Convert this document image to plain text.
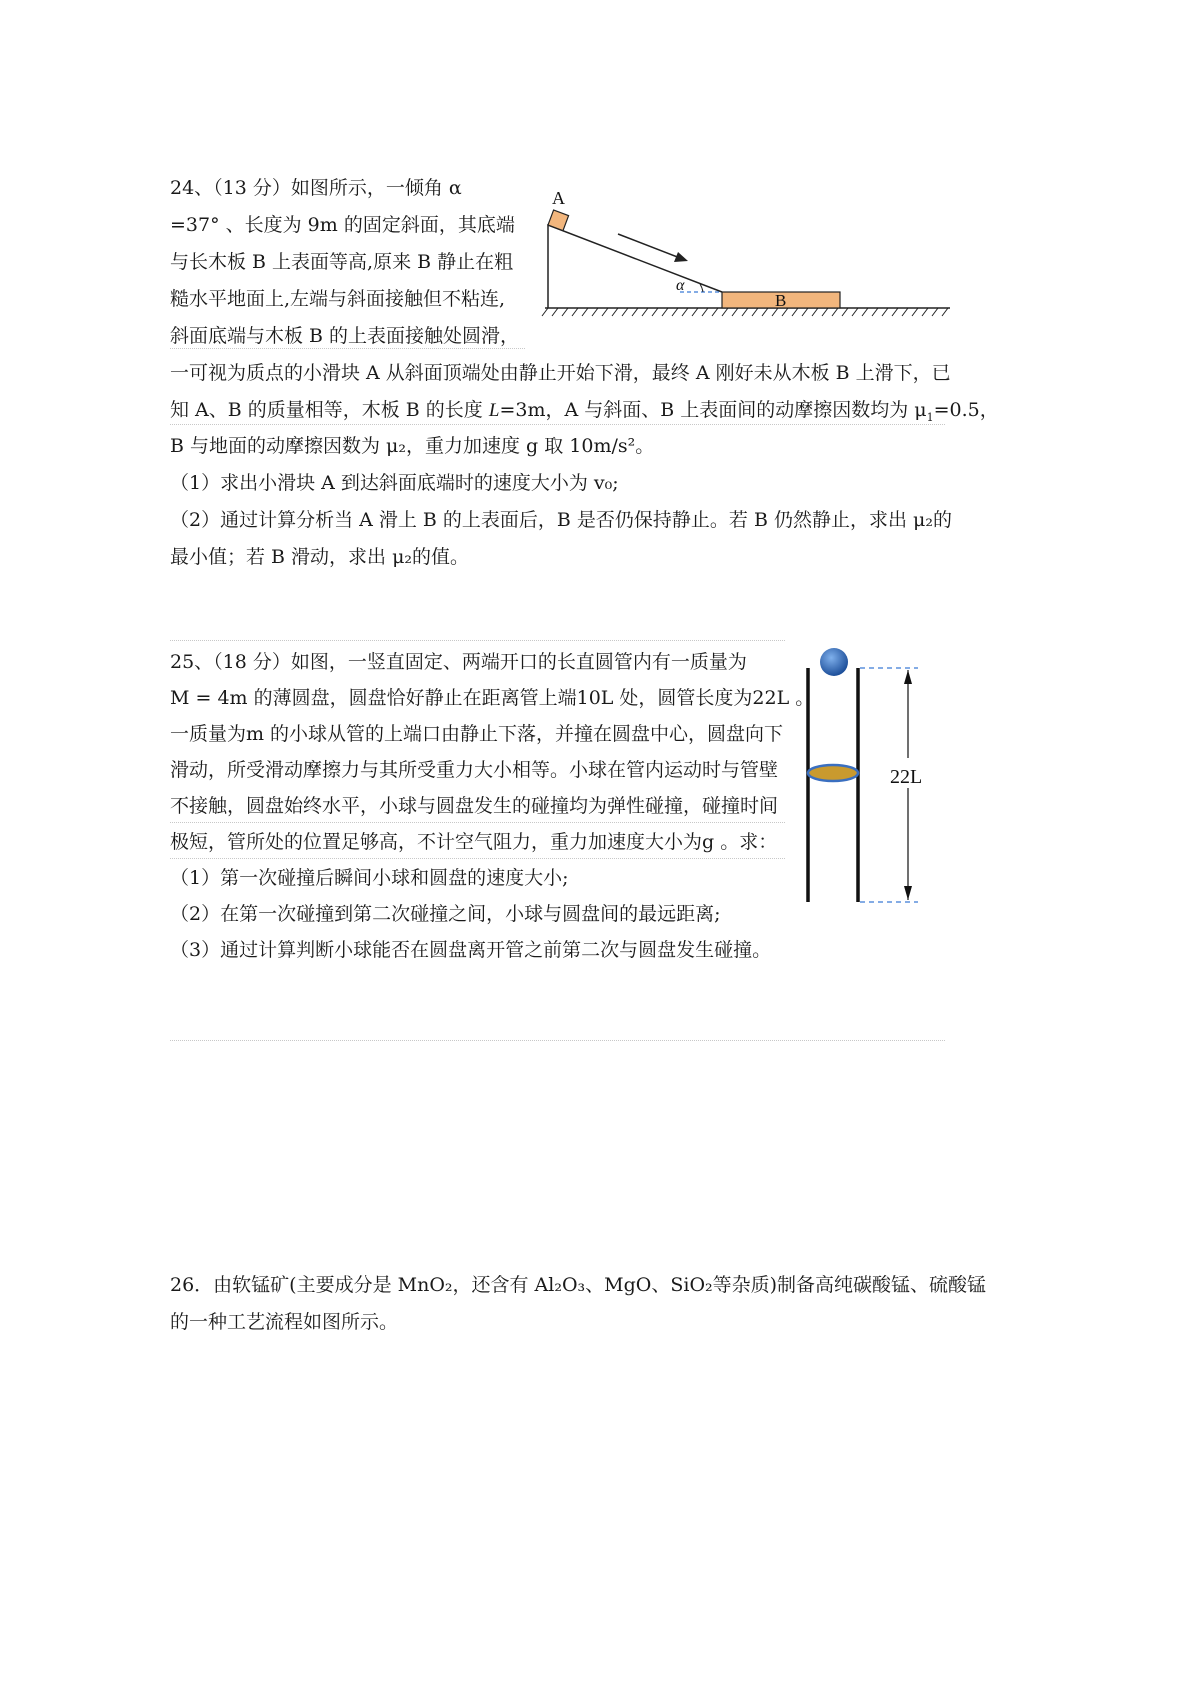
24、（13 分）如图所示，一倾角 α
=37° 、长度为 9m 的固定斜面，其底端
与长木板 B 上表面等高,原来 B 静止在粗
糙水平地面上,左端与斜面接触但不粘连,
斜面底端与木板 B 的上表面接触处圆滑，
一可视为质点的小滑块 A 从斜面顶端处由静止开始下滑，最终 A 刚好未从木板 B 上滑下，已
知 A、B 的质量相等，木板 B 的长度 L=3m，A 与斜面、B 上表面间的动摩擦因数均为 $\mu_1=0.5$，
B 与地面的动摩擦因数为 μ₂，重力加速度 g 取 10m/s²。
（1）求出小滑块 A 到达斜面底端时的速度大小为 v₀;
（2）通过计算分析当 A 滑上 B 的上表面后，B 是否仍保持静止。若 B 仍然静止，求出 μ₂的
最小值；若 B 滑动，求出 μ₂的值。
A
α
B
25、（18 分）如图，一竖直固定、两端开口的长直圆管内有一质量为
M = 4m 的薄圆盘，圆盘恰好静止在距离管上端10L 处，圆管长度为22L 。
一质量为m 的小球从管的上端口由静止下落，并撞在圆盘中心，圆盘向下
滑动，所受滑动摩擦力与其所受重力大小相等。小球在管内运动时与管壁
不接触，圆盘始终水平，小球与圆盘发生的碰撞均为弹性碰撞，碰撞时间
极短，管所处的位置足够高，不计空气阻力，重力加速度大小为g 。求：
（1）第一次碰撞后瞬间小球和圆盘的速度大小;
（2）在第一次碰撞到第二次碰撞之间，小球与圆盘间的最远距离;
（3）通过计算判断小球能否在圆盘离开管之前第二次与圆盘发生碰撞。
22L
26．由软锰矿(主要成分是 MnO₂，还含有 Al₂O₃、MgO、SiO₂等杂质)制备高纯碳酸锰、硫酸锰
的一种工艺流程如图所示。
